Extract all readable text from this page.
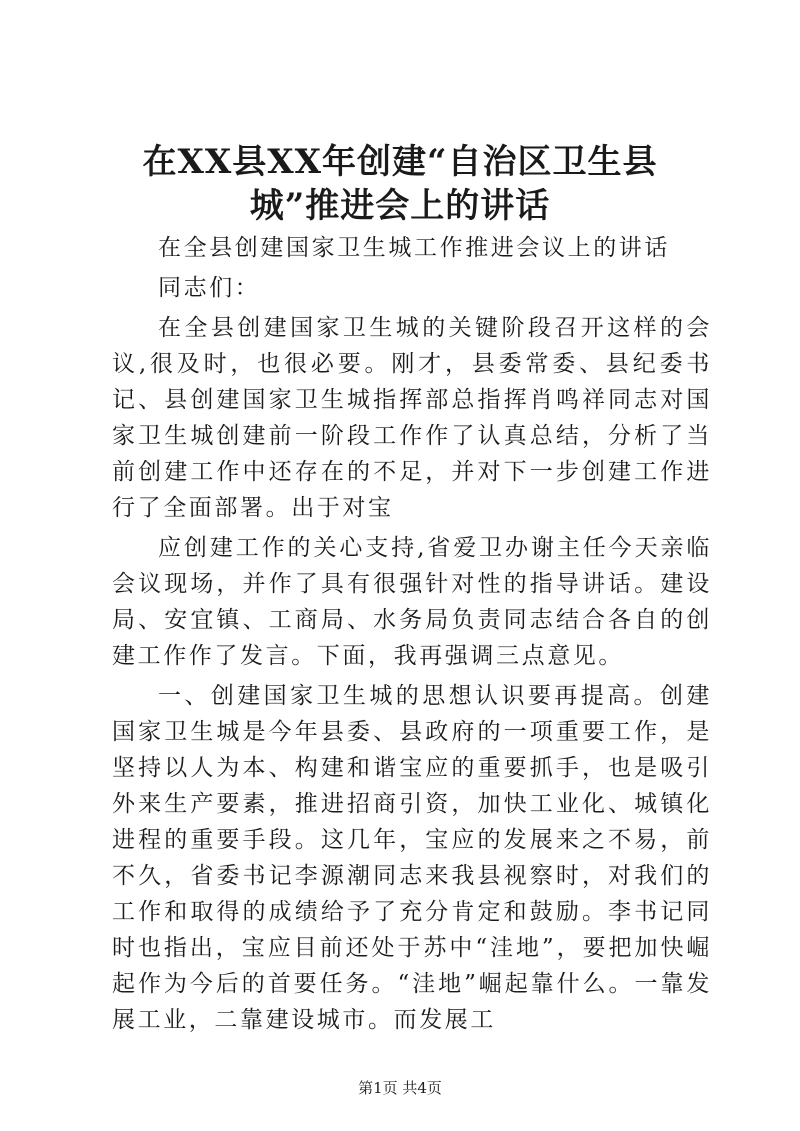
在XX县XX年创建“自治区卫生县城”推进会上的讲话

在全县创建国家卫生城工作推进会议上的讲话

同志们：

在全县创建国家卫生城的关键阶段召开这样的会议,很及时，也很必要。刚才，县委常委、县纪委书记、县创建国家卫生城指挥部总指挥肖鸣祥同志对国家卫生城创建前一阶段工作作了认真总结，分析了当前创建工作中还存在的不足，并对下一步创建工作进行了全面部署。出于对宝

应创建工作的关心支持,省爱卫办谢主任今天亲临会议现场，并作了具有很强针对性的指导讲话。建设局、安宜镇、工商局、水务局负责同志结合各自的创建工作作了发言。下面，我再强调三点意见。

一、创建国家卫生城的思想认识要再提高。创建国家卫生城是今年县委、县政府的一项重要工作，是坚持以人为本、构建和谐宝应的重要抓手，也是吸引外来生产要素，推进招商引资，加快工业化、城镇化进程的重要手段。这几年，宝应的发展来之不易，前不久，省委书记李源潮同志来我县视察时，对我们的工作和取得的成绩给予了充分肯定和鼓励。李书记同时也指出，宝应目前还处于苏中“洼地”，要把加快崛起作为今后的首要任务。“洼地”崛起靠什么。一靠发展工业，二靠建设城市。而发展工

第1页 共4页
